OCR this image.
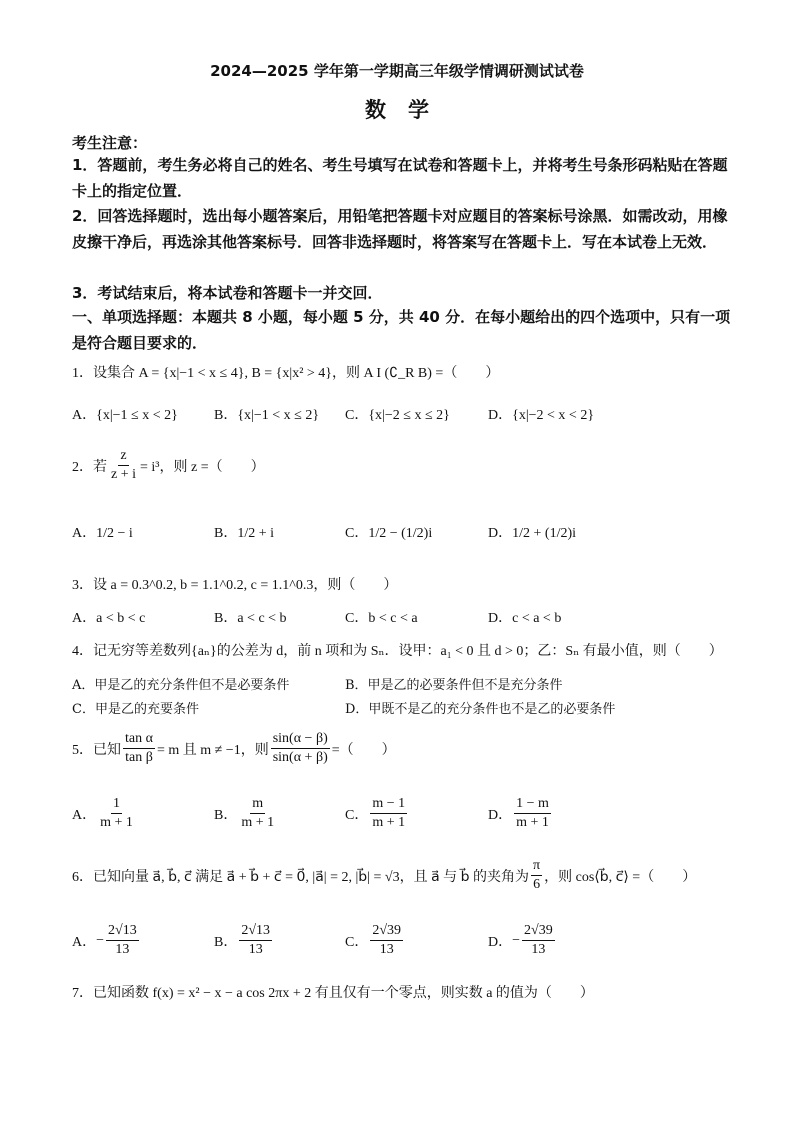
2024—2025 学年第一学期高三年级学情调研测试试卷
数学
考生注意：
1．答题前，考生务必将自己的姓名、考生号填写在试卷和答题卡上，并将考生号条形码粘贴在答题卡上的指定位置．
2．回答选择题时，选出每小题答案后，用铅笔把答题卡对应题目的答案标号涂黑．如需改动，用橡皮擦干净后，再选涂其他答案标号．回答非选择题时，将答案写在答题卡上．写在本试卷上无效．
3．考试结束后，将本试卷和答题卡一并交回．
一、单项选择题：本题共 8 小题，每小题 5 分，共 40 分．在每小题给出的四个选项中，只有一项是符合题目要求的．
1．设集合 A = {x|−1 < x ≤ 4}, B = {x|x² > 4}，则 A I (∁_R B) =（　　）
A．{x|−1 ≤ x < 2}	B．{x|−1 < x ≤ 2} C．{x|−2 ≤ x ≤ 2}	D．{x|−2 < x < 2}
2．若 $\frac{z}{z + i} = i^3$，则 z =（　　）
A．1/2 − i	B．1/2 + i	C．1/2 − (1/2)i	D．1/2 + (1/2)i
3．设 a = 0.3^0.2, b = 1.1^0.2, c = 1.1^0.3，则（　　）
A．a < b < c	B．a < c < b	C．b < c < a	D．c < a < b
4．记无穷等差数列{aₙ}的公差为 d，前 n 项和为 Sₙ．设甲：a₁ < 0 且 d > 0；乙：Sₙ 有最小值，则（　　）
A．甲是乙的充分条件但不是必要条件	B．甲是乙的必要条件但不是充分条件
C．甲是乙的充要条件	D．甲既不是乙的充分条件也不是乙的必要条件
5．已知 $\frac{\text{tan α}}{\text{tan β}} = m$ 且 m ≠ −1，则 $\frac{\sin(\alpha - \beta)}{\sin(\alpha + \beta)}$ =（　　）
A． $\frac{1}{m + 1}$	B． $\frac{m}{m + 1}$	C． $\frac{m - 1}{m + 1}$	D． $\frac{1 - m}{m + 1}$
6．已知向量 a⃗, b⃗, c⃗ 满足 a⃗ + b⃗ + c⃗ = 0⃗, |a⃗| = 2, |b⃗| = √3，且 a⃗ 与 b⃗ 的夹角为 $\frac{\pi}{6}$ ，则 cos⟨b⃗, c⃗⟩ =（　　）
A． − $\frac{2√13}{13}$	B． $\frac{2√13}{13}$	C． $\frac{2√39}{13}$	D． − $\frac{2√39}{13}$
7．已知函数 f(x) = x² − x − a cos 2πx + 2 有且仅有一个零点，则实数 a 的值为（　　）
